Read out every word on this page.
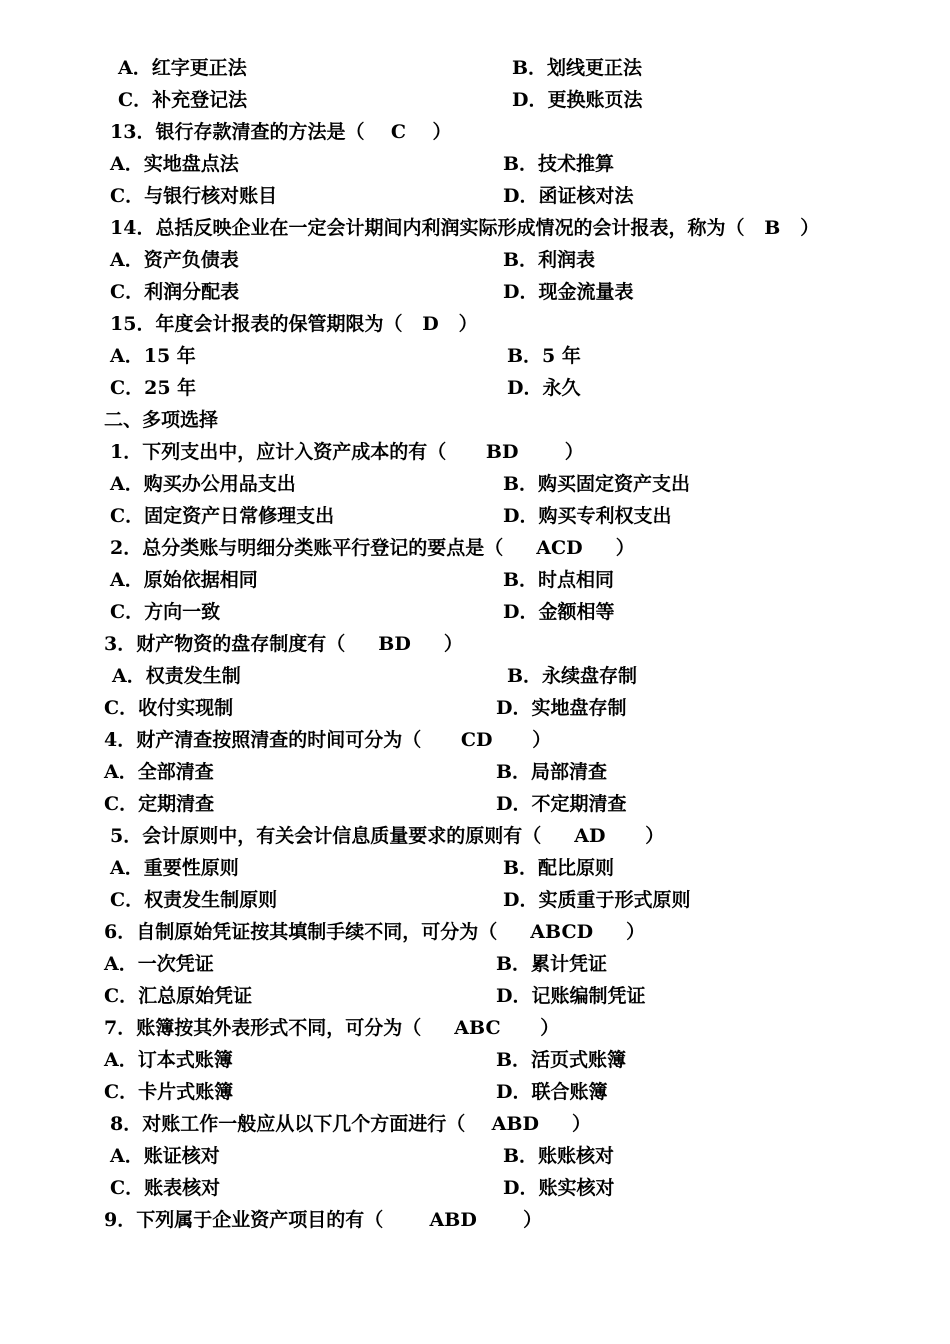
A．红字更正法	B．划线更正法
C．补充登记法	D．更换账页法
13．银行存款清查的方法是（    C    ）
A．实地盘点法	B．技术推算
C．与银行核对账目	D．函证核对法
14．总括反映企业在一定会计期间内利润实际形成情况的会计报表，称为（   B   ）
A．资产负债表	B．利润表
C．利润分配表	D．现金流量表
15．年度会计报表的保管期限为（   D   ）
A．15 年	B．5 年
C．25 年	D．永久
二、多项选择
1．下列支出中，应计入资产成本的有（      BD       ）
A．购买办公用品支出	B．购买固定资产支出
C．固定资产日常修理支出	D．购买专利权支出
2．总分类账与明细分类账平行登记的要点是（     ACD     ）
A．原始依据相同	B．时点相同
C．方向一致	D．金额相等
3．财产物资的盘存制度有（     BD     ）
A．权责发生制	B．永续盘存制
C．收付实现制	D．实地盘存制
4．财产清查按照清查的时间可分为（      CD      ）
A．全部清查	B．局部清查
C．定期清查	D．不定期清查
5．会计原则中，有关会计信息质量要求的原则有（     AD      ）
A．重要性原则	B．配比原则
C．权责发生制原则	D．实质重于形式原则
6．自制原始凭证按其填制手续不同，可分为（     ABCD     ）
A．一次凭证	B．累计凭证
C．汇总原始凭证	D．记账编制凭证
7．账簿按其外表形式不同，可分为（     ABC      ）
A．订本式账簿	B．活页式账簿
C．卡片式账簿	D．联合账簿
8．对账工作一般应从以下几个方面进行（    ABD     ）
A．账证核对	B．账账核对
C．账表核对	D．账实核对
9．下列属于企业资产项目的有（       ABD       ）
